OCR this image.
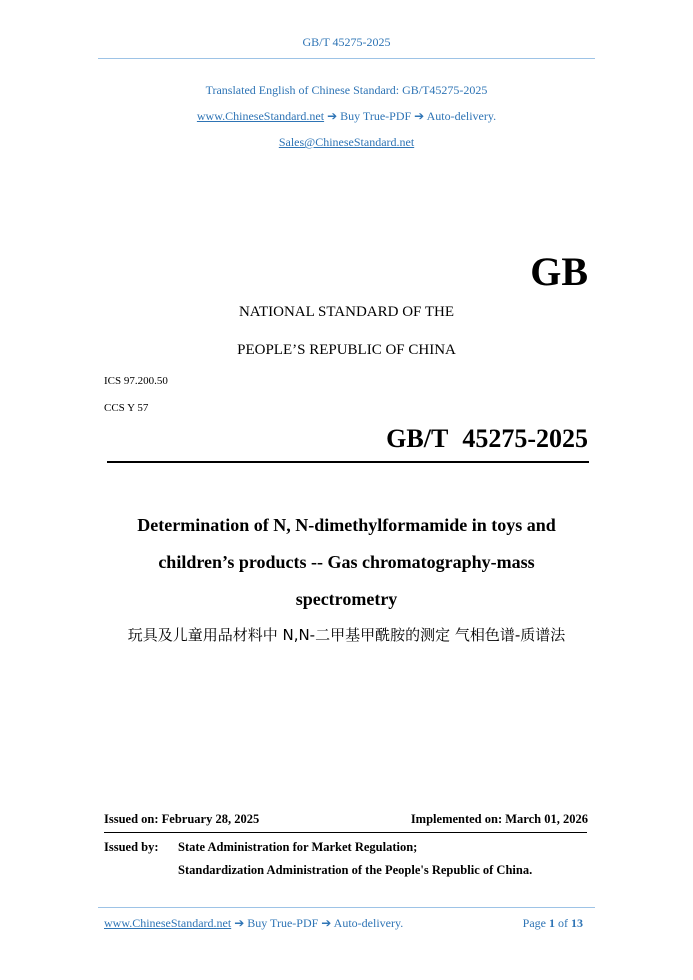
GB/T 45275-2025
Translated English of Chinese Standard: GB/T45275-2025
www.ChineseStandard.net ➔ Buy True-PDF ➔ Auto-delivery.
Sales@ChineseStandard.net
GB
NATIONAL STANDARD OF THE
PEOPLE’S REPUBLIC OF CHINA
ICS 97.200.50
CCS Y 57
GB/T 45275-2025
Determination of N, N-dimethylformamide in toys and
children’s products -- Gas chromatography-mass
spectrometry
玩具及儿童用品材料中 N,N-二甲基甲酰胺的测定 气相色谱-质谱法
Issued on: February 28, 2025	Implemented on: March 01, 2026
Issued by: State Administration for Market Regulation;
Standardization Administration of the People's Republic of China.
www.ChineseStandard.net ➔ Buy True-PDF ➔ Auto-delivery.	Page 1 of 13
